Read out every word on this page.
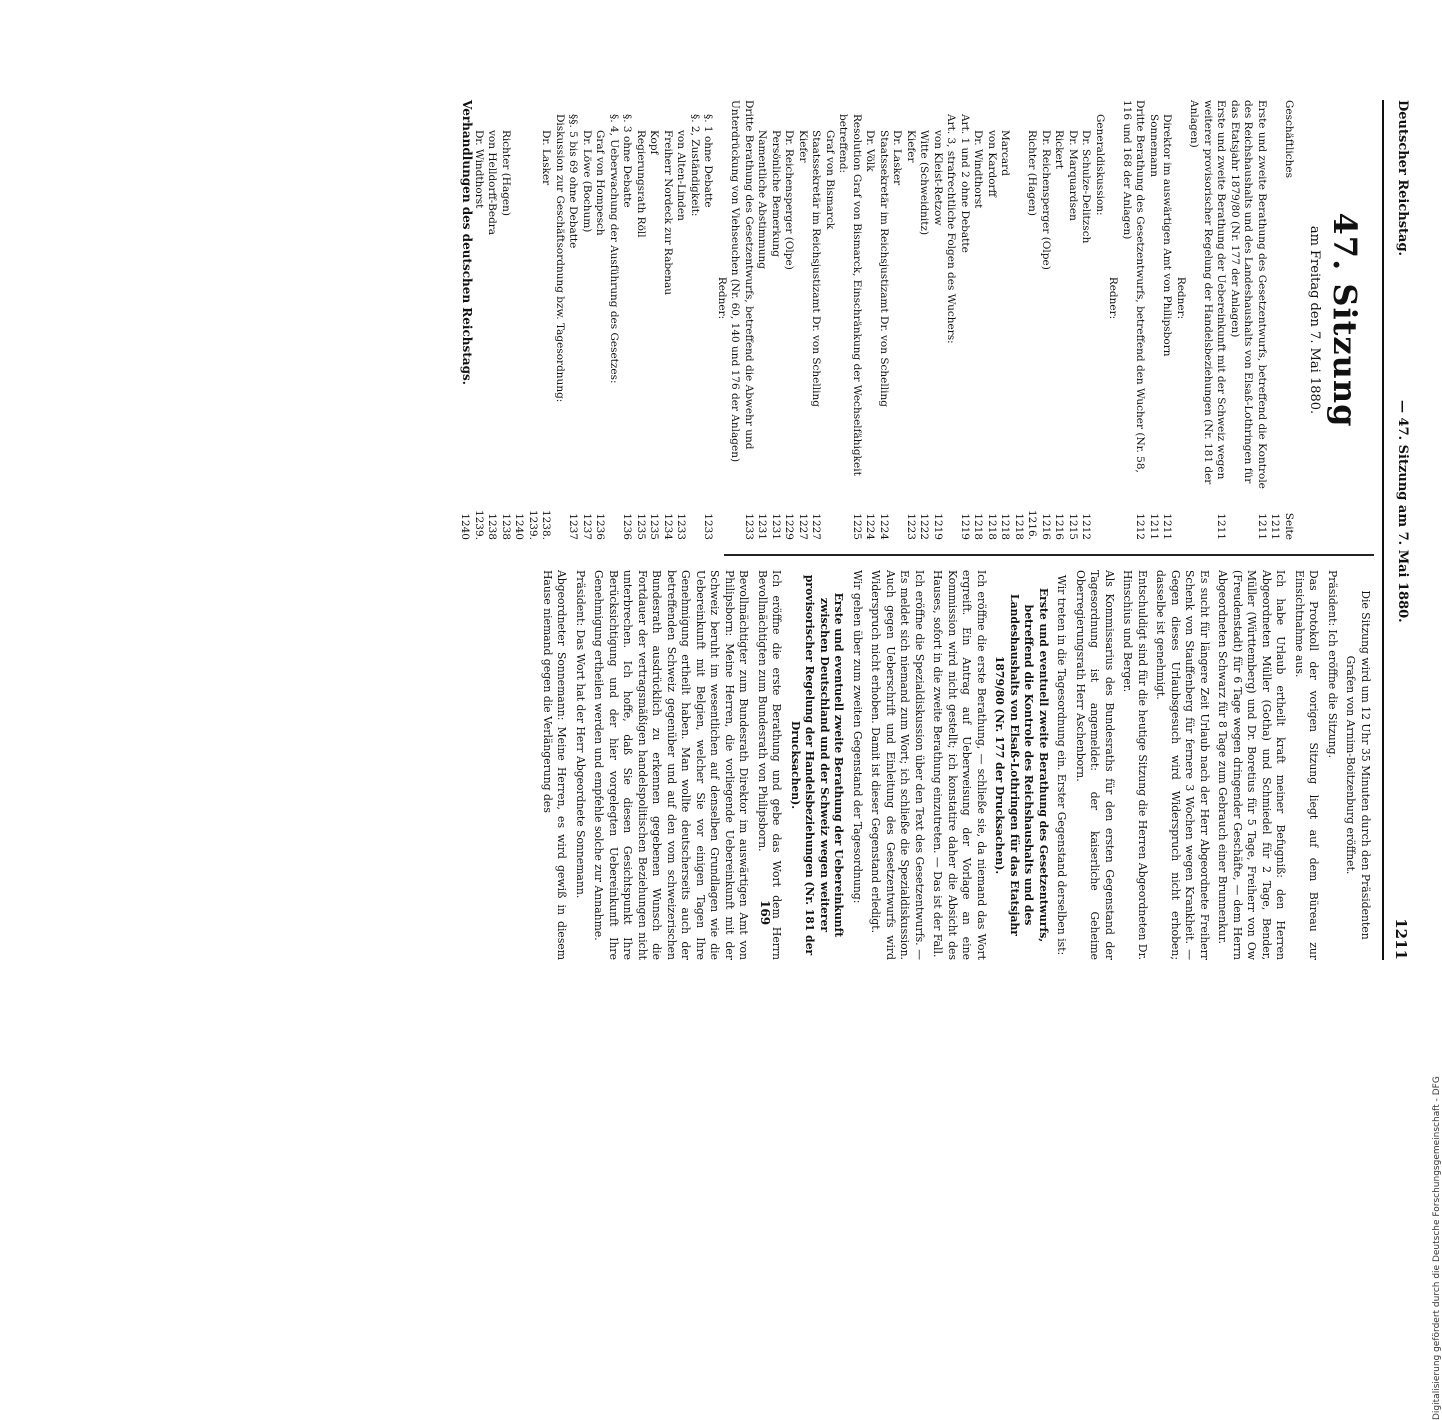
Deutscher Reichstag.
— 47. Sitzung am 7. Mai 1880.
1211
47. Sitzung
am Freitag den 7. Mai 1880.
Geschäftliches
Seite 1211
Erste und zweite Berathung des Gesetzentwurfs, betreffend die Kontrole des Reichshaushalts und des Landeshaushalts von Elsaß-Lothringen für das Etatsjahr 1879/80 (Nr. 177 der Anlagen)
1211
Erste und zweite Berathung der Uebereinkunft mit der Schweiz wegen weiterer provisorischer Regelung der Handelsbeziehungen (Nr. 181 der Anlagen)
1211
Redner:
Direktor im auswärtigen Amt von Philipsborn
1211
Sonnemann
1211
Dritte Berathung des Gesetzentwurfs, betreffend den Wucher (Nr. 58, 116 und 168 der Anlagen)
1212
Redner:
Generaldiskussion:
Dr. Schulze-Delitzsch
1212
Dr. Marquardsen
1215
Rickert
1216
Dr. Reichensperger (Olpe)
1216
Richter (Hagen)
1216. 1218
Marcard
1218
von Kardorff
1218
Dr. Windthorst
1218
Art. 1 und 2 ohne Debatte
1219
Art. 3, strafrechtliche Folgen des Wuchers:
von Kleist-Retzow
1219
Witte (Schweidnitz)
1222
Kiefer
1223
Dr. Lasker
Staatssekretär im Reichsjustizamt Dr. von Schelling
1224
Dr. Völk
1224
Resolution Graf von Bismarck, Einschränkung der Wechselfähigkeit betreffend:
1225
Graf von Bismarck
Staatssekretär im Reichsjustizamt Dr. von Schelling
1227
Kiefer
1227
Dr. Reichensperger (Olpe)
1229
Persönliche Bemerkung
1231
Namentliche Abstimmung
1231
Dritte Berathung des Gesetzentwurfs, betreffend die Abwehr und Unterdrückung von Viehseuchen (Nr. 60, 140 und 176 der Anlagen)
1233
Redner:
§. 1 ohne Debatte
1233
§. 2, Zuständigkeit:
von Alten-Linden
1233
Freiherr Nordeck zur Rabenau
1234
Kopf
1235
Regierungsrath Röll
1235
§. 3 ohne Debatte
1236
§. 4, Ueberwachung der Ausführung des Gesetzes:
Graf von Hompesch
1236
Dr. Löwe (Bochum)
1237
§§. 5 bis 69 ohne Debatte
1237
Diskussion zur Geschäftsordnung bzw. Tagesordnung:
Dr. Lasker
1238. 1239. 1240
Richter (Hagen)
1238
von Helldorff-Bedra
1238
Dr. Windthorst
1239. 1240

Die Sitzung wird um 12 Uhr 35 Minuten durch den Präsidenten Grafen von Arnim-Boitzenburg eröffnet.

Präsident: Ich eröffne die Sitzung.

Das Protokoll der vorigen Sitzung liegt auf dem Büreau zur Einsichtnahme aus.

Ich habe Urlaub ertheilt kraft meiner Befugniß: den Herren Abgeordneten Müller (Gotha) und Schmiedel für 2 Tage, Bender, Müller (Württemberg) und Dr. Boretius für 5 Tage, Freiherr von Ow (Freudenstadt) für 6 Tage wegen dringender Geschäfte, — dem Herrn Abgeordneten Schwarz für 8 Tage zum Gebrauch einer Brunnenkur.

Es sucht für längere Zeit Urlaub nach der Herr Abgeordnete Freiherr Schenk von Stauffenberg für fernere 3 Wochen wegen Krankheit. — Gegen dieses Urlaubsgesuch wird Widerspruch nicht erhoben; dasselbe ist genehmigt.

Entschuldigt sind für die heutige Sitzung die Herren Abgeordneten Dr. Hinschius und Berger.

Als Kommissarius des Bundesraths für den ersten Gegenstand der Tagesordnung ist angemeldet: der kaiserliche Geheime Oberregierungsrath Herr Aschenborn.

Wir treten in die Tagesordnung ein. Erster Gegenstand derselben ist:

Erste und eventuell zweite Berathung des Gesetzentwurfs, betreffend die Kontrole des Reichshaushalts und des Landeshaushalts von Elsaß-Lothringen für das Etatsjahr 1879/80 (Nr. 177 der Drucksachen).

Ich eröffne die erste Berathung, — schließe sie, da niemand das Wort ergreift. Ein Antrag auf Ueberweisung der Vorlage an eine Kommission wird nicht gestellt; ich konstatire daher die Absicht des Hauses, sofort in die zweite Berathung einzutreten. — Das ist der Fall.

Ich eröffne die Spezialdiskussion über den Text des Gesetzentwurfs. — Es meldet sich niemand zum Wort; ich schließe die Spezialdiskussion. Auch gegen Ueberschrift und Einleitung des Gesetzentwurfs wird Widerspruch nicht erhoben. Damit ist dieser Gegenstand erledigt.

Wir gehen über zum zweiten Gegenstand der Tagesordnung:

Erste und eventuell zweite Berathung der Uebereinkunft zwischen Deutschland und der Schweiz wegen weiterer provisorischer Regelung der Handelsbeziehungen (Nr. 181 der Drucksachen).

Ich eröffne die erste Berathung und gebe das Wort dem Herrn Bevollmächtigten zum Bundesrath von Philipsborn.

Bevollmächtigter zum Bundesrath Direktor im auswärtigen Amt von Philipsborn: Meine Herren, die vorliegende Uebereinkunft mit der Schweiz beruht im wesentlichen auf denselben Grundlagen wie die Uebereinkunft mit Belgien, welcher Sie vor einigen Tagen Ihre Genehmigung ertheilt haben. Man wollte deutscherseits auch der betreffenden Schweiz gegenüber und auf den vom schweizerischen Bundesrath ausdrücklich zu erkennen gegebenen Wunsch die Fortdauer der vertragsmäßigen handelspolitischen Beziehungen nicht unterbrechen. Ich hoffe, daß Sie diesen Gesichtspunkt Ihre Berücksichtigung und der hier vorgelegten Uebereinkunft Ihre Genehmigung ertheilen werden und empfehle solche zur Annahme.

Präsident: Das Wort hat der Herr Abgeordnete Sonnemann.

Abgeordneter Sonnemann: Meine Herren, es wird gewiß in diesem Hause niemand gegen die Verlängerung des

169
Verhandlungen des deutschen Reichstags.
Digitalisierung gefördert durch die Deutsche Forschungsgemeinschaft - DFG
